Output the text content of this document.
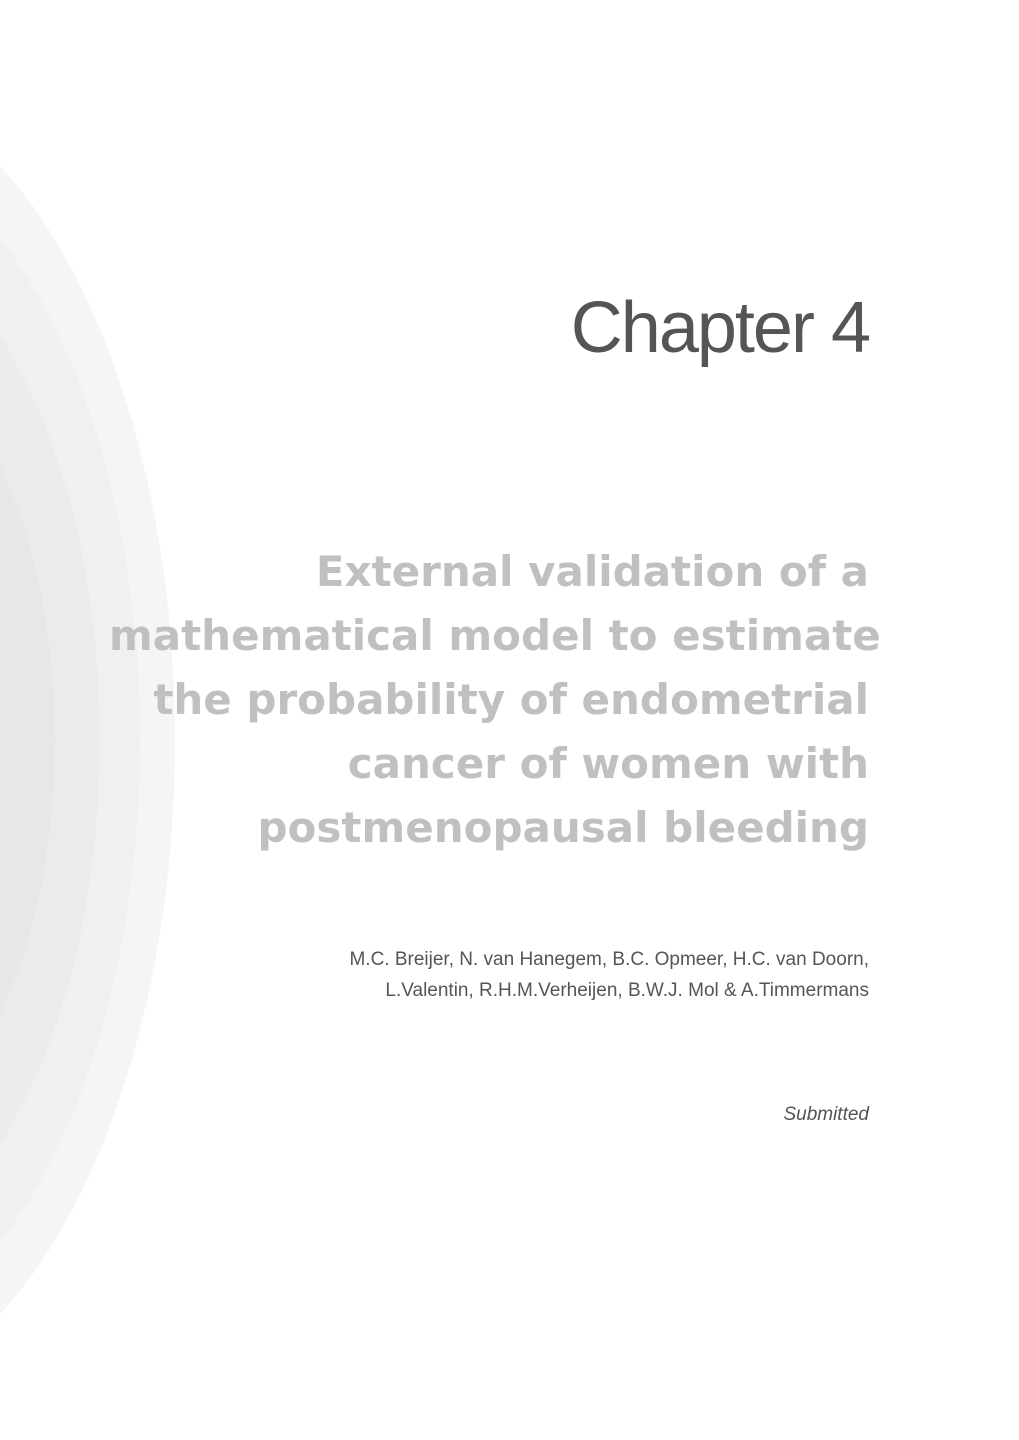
Chapter 4
External validation of a
mathematical model to estimate
the probability of endometrial
cancer of women with
postmenopausal bleeding

M.C. Breijer, N. van Hanegem, B.C. Opmeer, H.C. van Doorn,
L.Valentin, R.H.M.Verheijen, B.W.J. Mol & A.Timmermans

Submitted
